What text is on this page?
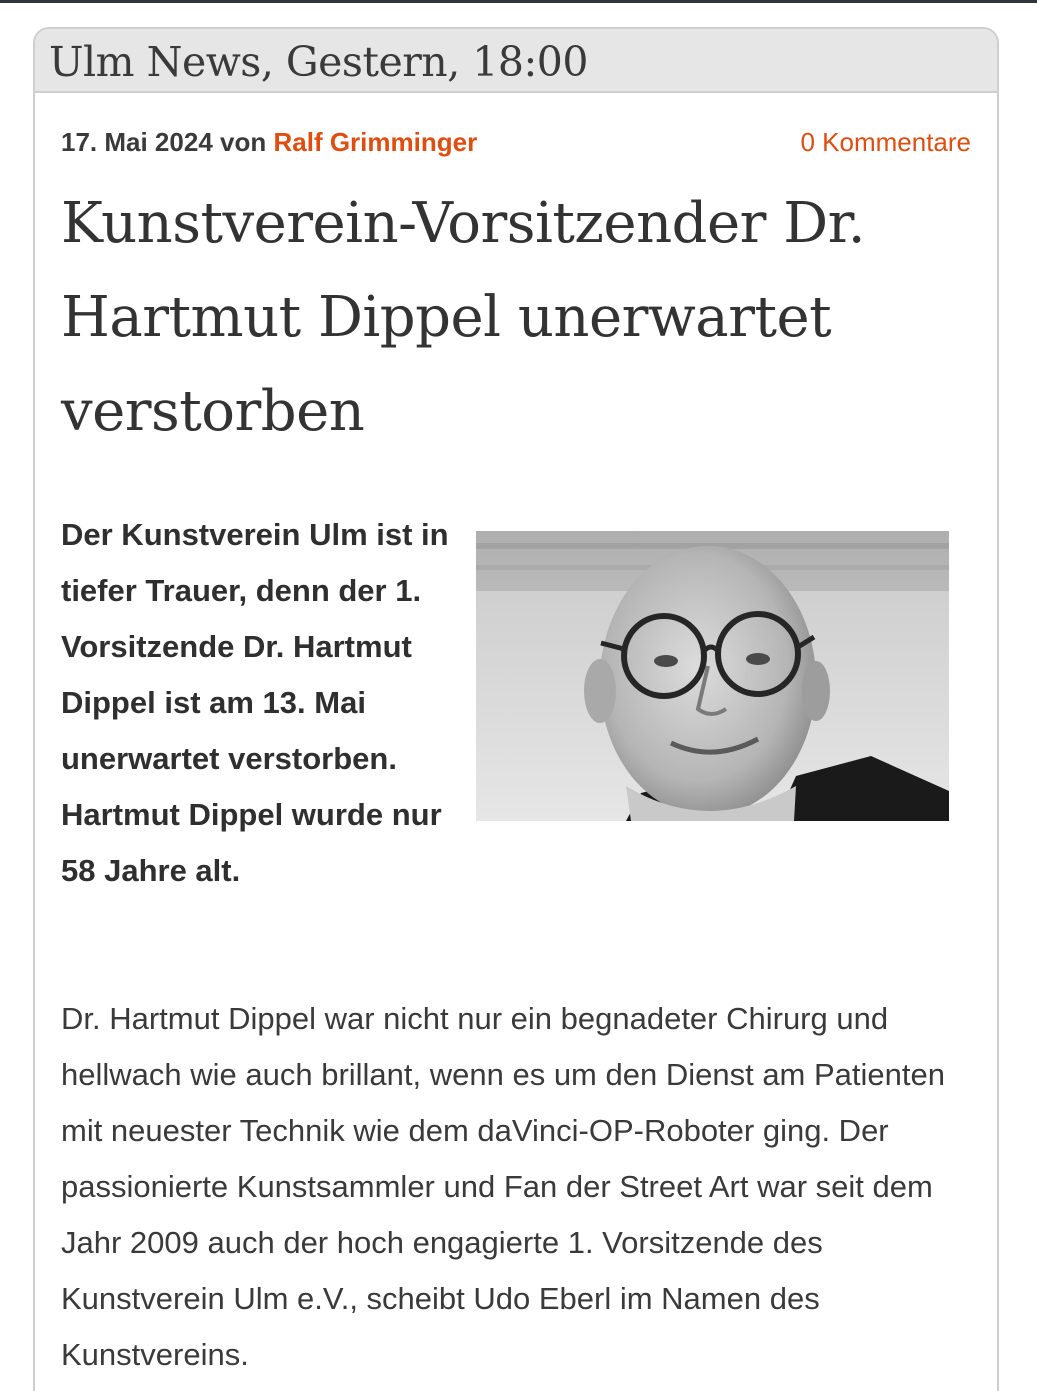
Ulm News, Gestern, 18:00
17. Mai 2024 von Ralf Grimminger	0 Kommentare
Kunstverein-Vorsitzender Dr. Hartmut Dippel unerwartet verstorben

Der Kunstverein Ulm ist in tiefer Trauer, denn der 1. Vorsitzende Dr. Hartmut Dippel ist am 13. Mai unerwartet verstorben. Hartmut Dippel wurde nur 58 Jahre alt.

Dr. Hartmut Dippel war nicht nur ein begnadeter Chirurg und hellwach wie auch brillant, wenn es um den Dienst am Patienten mit neuester Technik wie dem daVinci-OP-Roboter ging. Der passionierte Kunstsammler und Fan der Street Art war seit dem Jahr 2009 auch der hoch engagierte 1. Vorsitzende des Kunstverein Ulm e.V., scheibt Udo Eberl im Namen des Kunstvereins.
